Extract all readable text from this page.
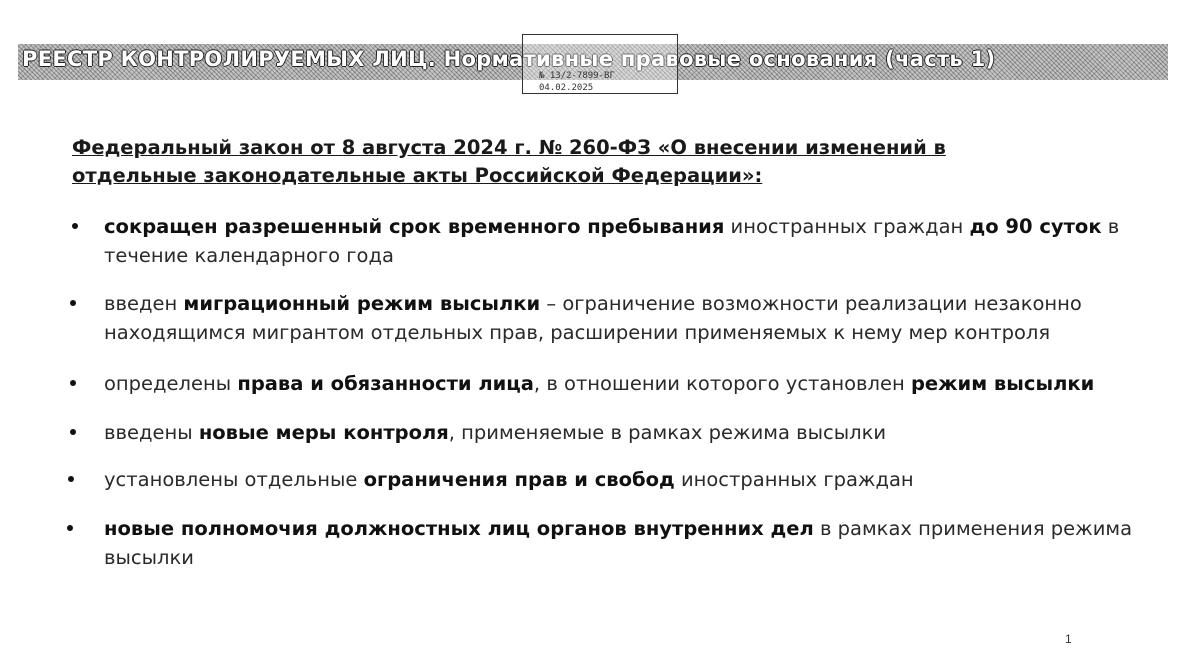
РЕЕСТР КОНТРОЛИРУЕМЫХ ЛИЦ. Нормативные правовые основания (часть 1)
№ 13/2-7899-ВГ
04.02.2025
Федеральный закон от 8 августа 2024 г. № 260-ФЗ «О внесении изменений в отдельные законодательные акты Российской Федерации»:
сокращен разрешенный срок временного пребывания иностранных граждан до 90 суток в течение календарного года
введен миграционный режим высылки – ограничение возможности реализации незаконно находящимся мигрантом отдельных прав, расширении применяемых к нему мер контроля
определены права и обязанности лица, в отношении которого установлен режим высылки
введены новые меры контроля, применяемые в рамках режима высылки
установлены отдельные ограничения прав и свобод иностранных граждан
новые полномочия должностных лиц органов внутренних дел в рамках применения режима высылки
1
